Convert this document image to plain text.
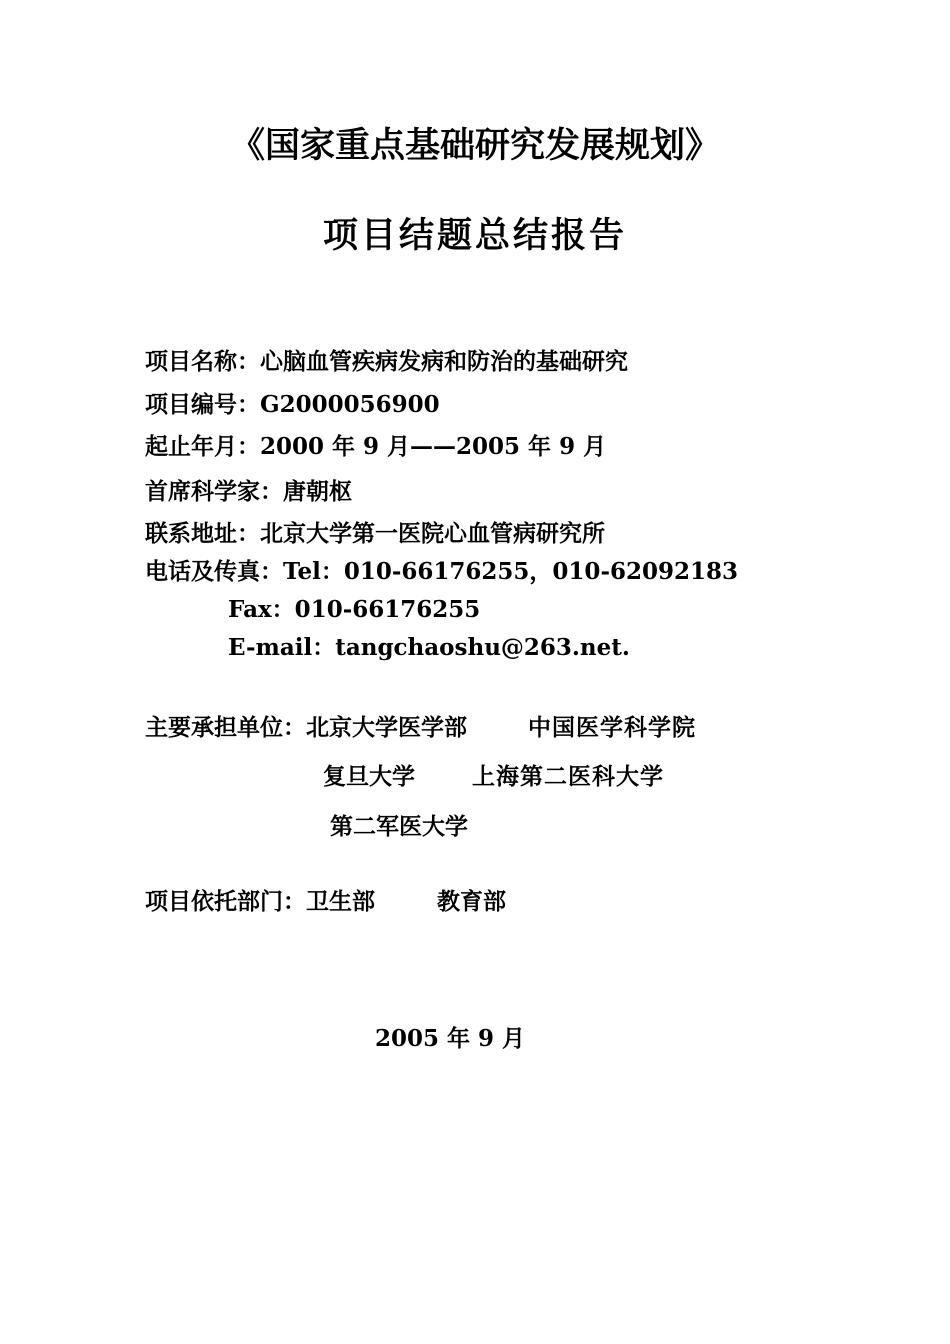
《国家重点基础研究发展规划》
项目结题总结报告
项目名称：心脑血管疾病发病和防治的基础研究
项目编号：G2000056900
起止年月：2000 年 9 月——2005 年 9 月
首席科学家：唐朝枢
联系地址：北京大学第一医院心血管病研究所
电话及传真：Tel：010-66176255，010-62092183
Fax：010-66176255
E-mail：tangchaoshu@263.net.
主要承担单位：北京大学医学部	中国医学科学院
复旦大学 上海第二医科大学
第二军医大学
项目依托部门：卫生部	教育部
2005 年 9 月
